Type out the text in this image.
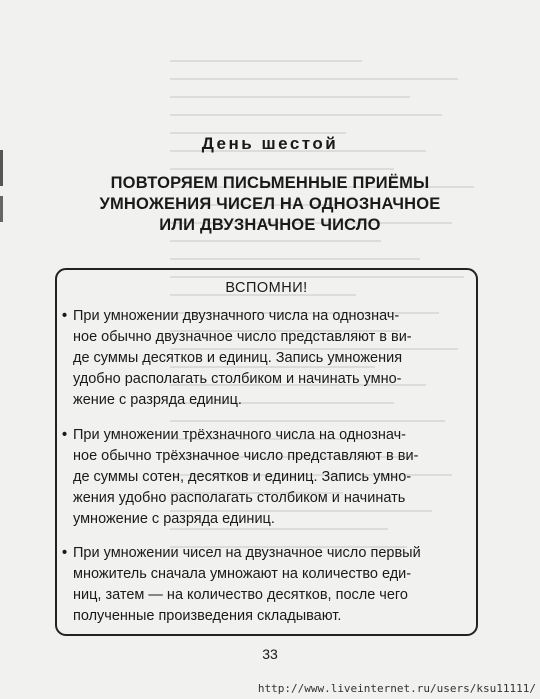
День шестой
ПОВТОРЯЕМ ПИСЬМЕННЫЕ ПРИЁМЫ
УМНОЖЕНИЯ ЧИСЕЛ НА ОДНОЗНАЧНОЕ
ИЛИ ДВУЗНАЧНОЕ ЧИСЛО
ВСПОМНИ!
• При умножении двузначного числа на однознач-
ное обычно двузначное число представляют в ви-
де суммы десятков и единиц. Запись умножения
удобно располагать столбиком и начинать умно-
жение с разряда единиц.
• При умножении трёхзначного числа на однознач-
ное обычно трёхзначное число представляют в ви-
де суммы сотен, десятков и единиц. Запись умно-
жения удобно располагать столбиком и начинать
умножение с разряда единиц.
• При умножении чисел на двузначное число первый
множитель сначала умножают на количество еди-
ниц, затем — на количество десятков, после чего
полученные произведения складывают.
33
http://www.liveinternet.ru/users/ksu11111/
